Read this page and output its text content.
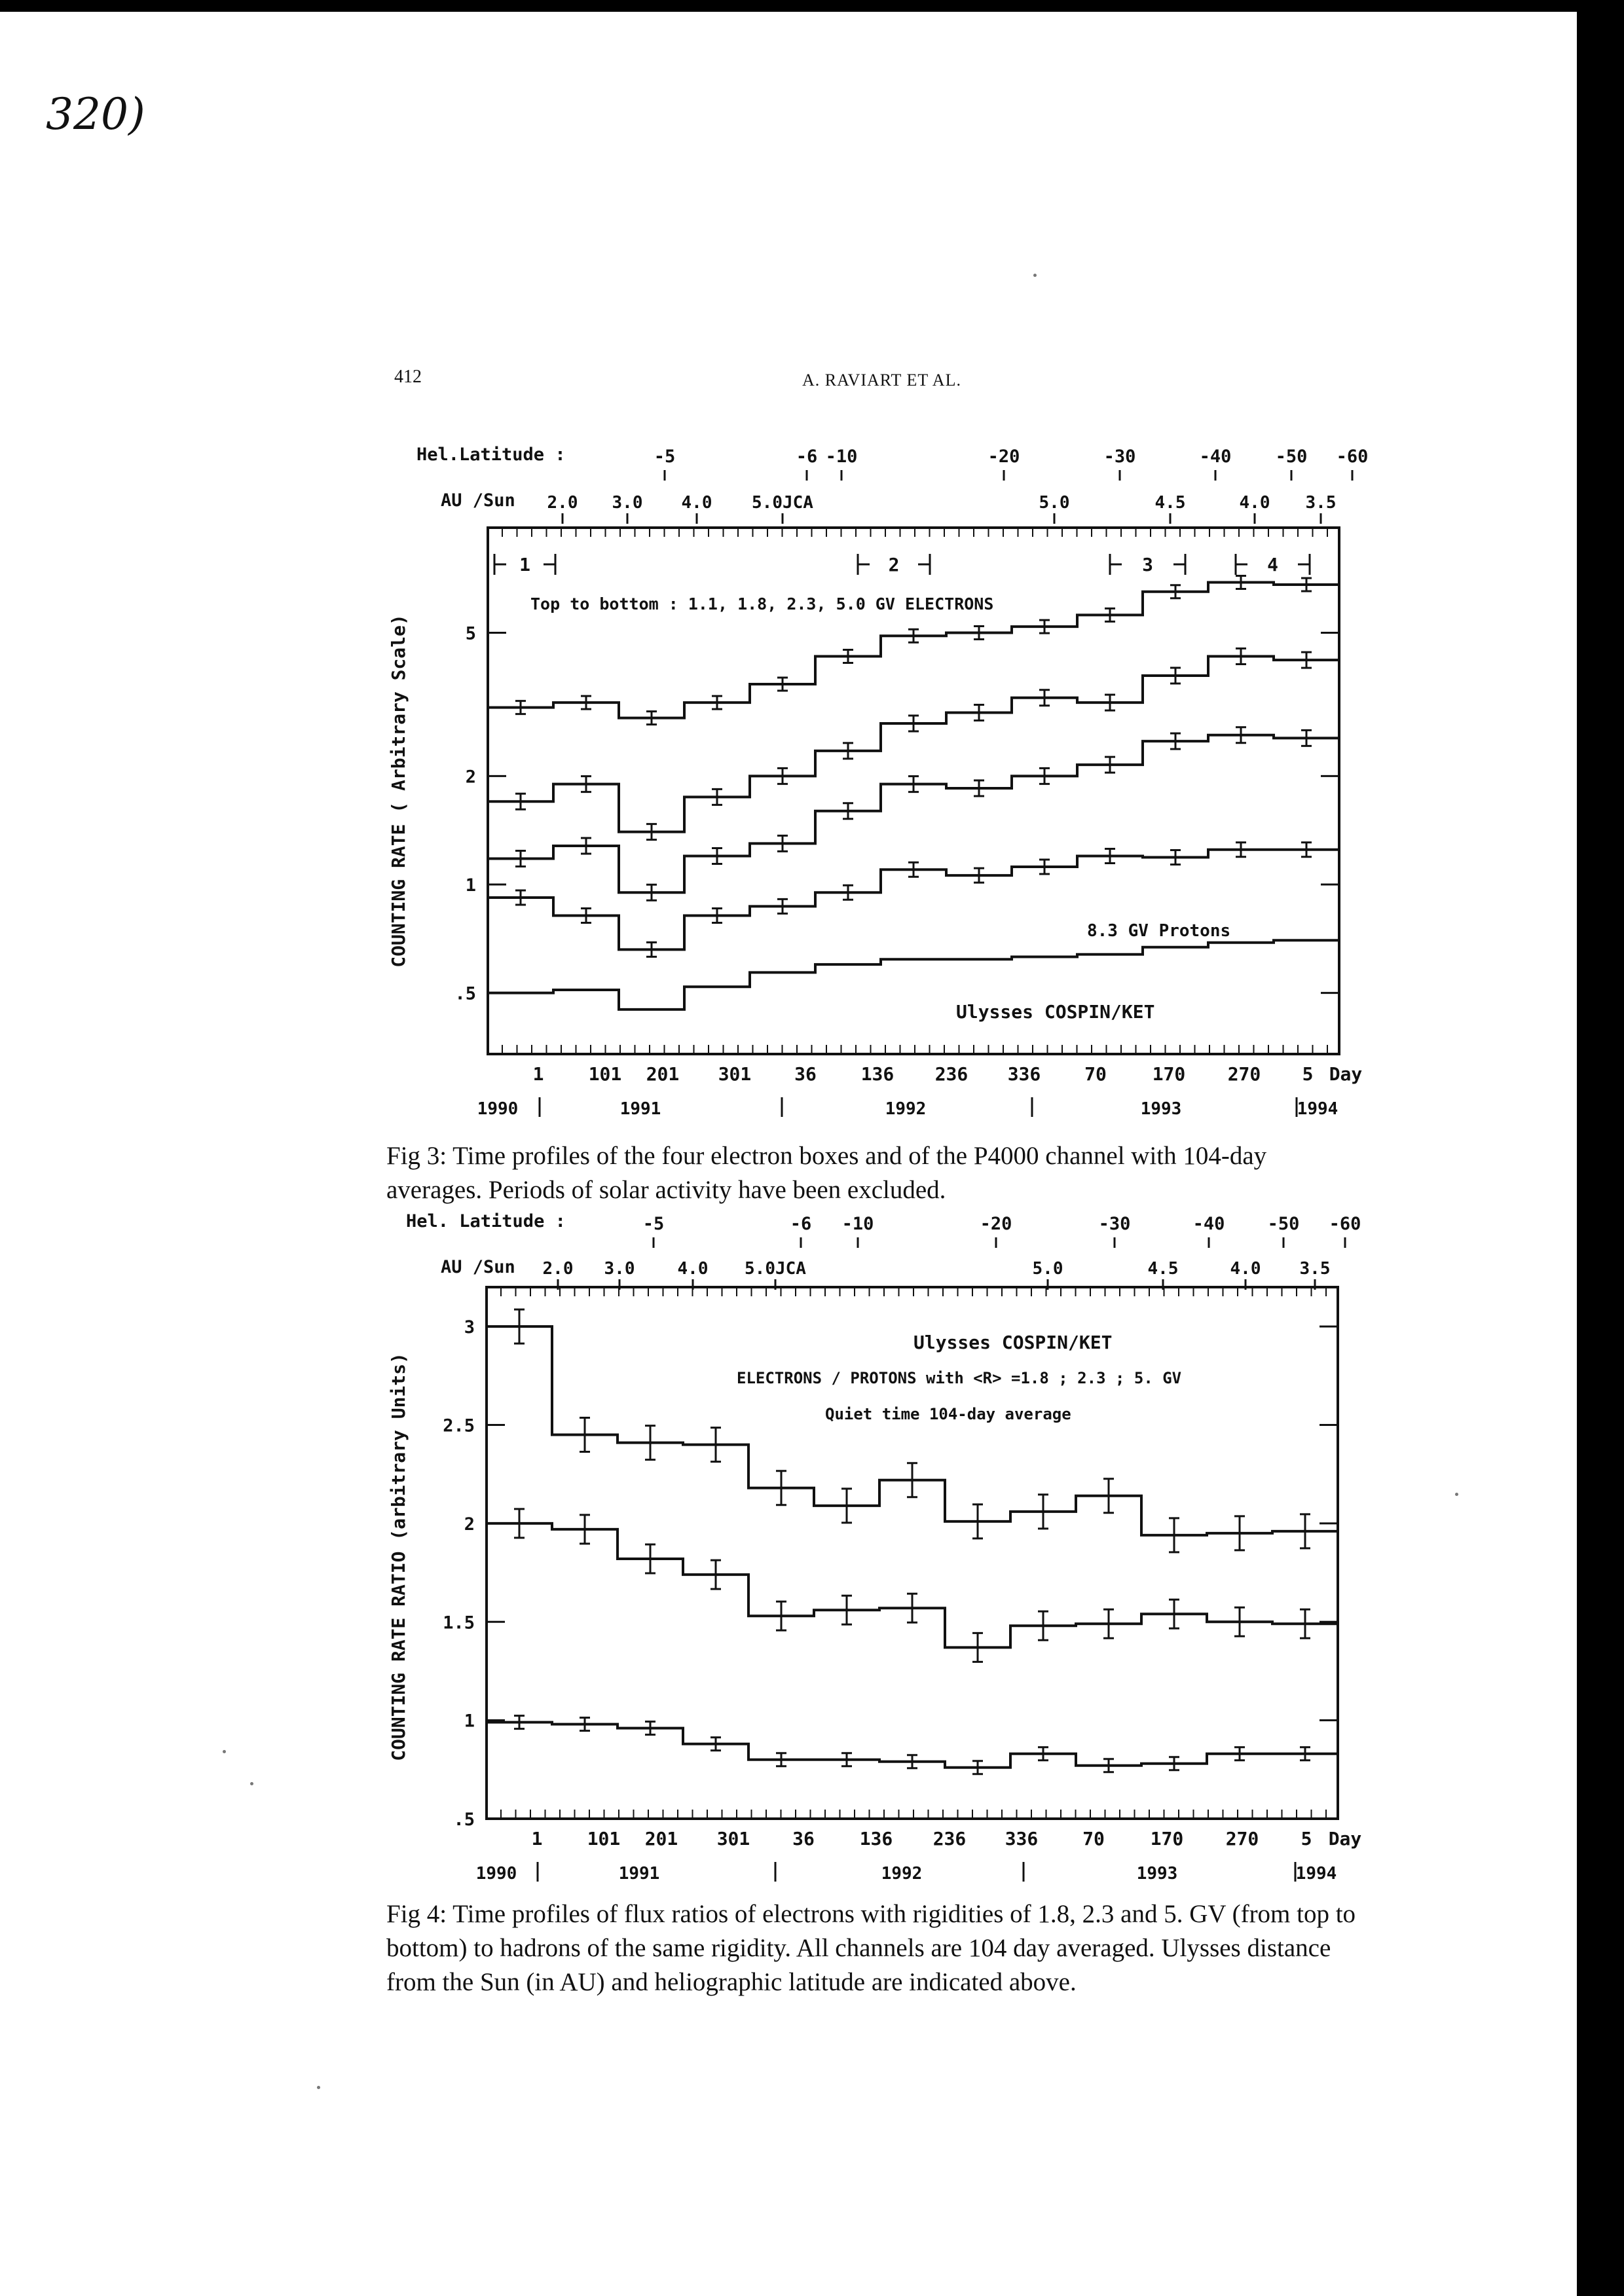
320)
412	A. RAVIART ET AL.
Hel.Latitude :
AU /Sun
-5	-6 -10	-20	-30	-40 -50 -60
2.0 3.0 4.0 5.0JCA	5.0	4.5	4.0 3.5
1	2	3	4
5
2
1
.5
Top to bottom : 1.1, 1.8, 2.3, 5.0 GV ELECTRONS
8.3 GV Protons
Ulysses COSPIN/KET
1 101 201 301 36 136 236 336 70 170 270 5 Day
1990	1991	1992	1993	1994
COUNTING RATE ( Arbitrary Scale)
Fig 3: Time profiles of the four electron boxes and of the P4000 channel with 104-day averages. Periods of solar activity have been excluded.
Hel. Latitude :
AU /Sun
-5	-6 -10	-20	-30	-40 -50 -60
2.0 3.0	4.0 5.0JCA	5.0	4.5	4.0 3.5
3
2.5
2
1.5
1
.5
Ulysses COSPIN/KET
ELECTRONS / PROTONS with <R> =1.8 ; 2.3 ; 5. GV
Quiet time 104-day average
1 101 201 301 36 136 236 336 70 170 270 5 Day
1990	1991	1992	1993	1994
COUNTING RATE RATIO (arbitrary Units)
Fig 4: Time profiles of flux ratios of electrons with rigidities of 1.8, 2.3 and 5. GV (from top to bottom) to hadrons of the same rigidity. All channels are 104 day averaged. Ulysses distance from the Sun (in AU) and heliographic latitude are indicated above.
